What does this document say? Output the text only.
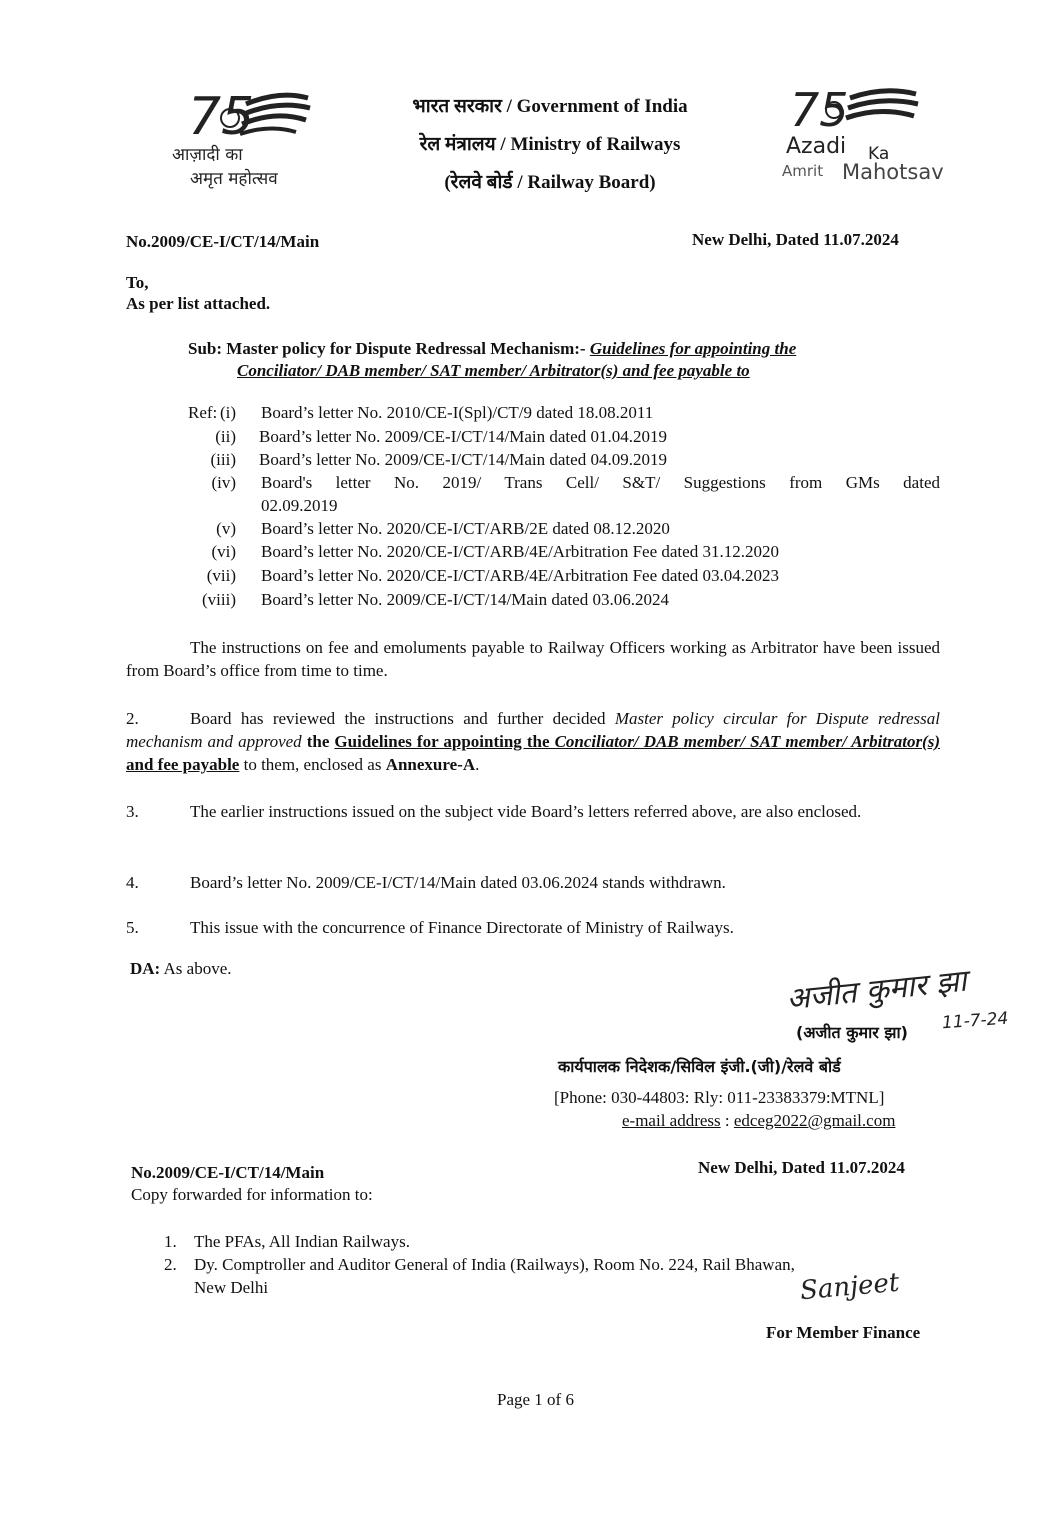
75
आज़ादी का
अमृत महोत्सव
भारत सरकार / Government of India
रेल मंत्रालय / Ministry of Railways
(रेलवे बोर्ड / Railway Board)
75
Azadi Ka
Amrit Mahotsav
No.2009/CE-I/CT/14/Main	New Delhi, Dated 11.07.2024
To,
As per list attached.
Sub: Master policy for Dispute Redressal Mechanism:- Guidelines for appointing the
Conciliator/ DAB member/ SAT member/ Arbitrator(s) and fee payable to
Ref: (i) Board’s letter No. 2010/CE-I(Spl)/CT/9 dated 18.08.2011
(ii) Board’s letter No. 2009/CE-I/CT/14/Main dated 01.04.2019
(iii) Board’s letter No. 2009/CE-I/CT/14/Main dated 04.09.2019
(iv) Board's letter No. 2019/ Trans Cell/ S&T/ Suggestions from GMs dated
02.09.2019
(v) Board’s letter No. 2020/CE-I/CT/ARB/2E dated 08.12.2020
(vi) Board’s letter No. 2020/CE-I/CT/ARB/4E/Arbitration Fee dated 31.12.2020
(vii) Board’s letter No. 2020/CE-I/CT/ARB/4E/Arbitration Fee dated 03.04.2023
(viii) Board’s letter No. 2009/CE-I/CT/14/Main dated 03.06.2024
The instructions on fee and emoluments payable to Railway Officers working as Arbitrator have been issued from Board’s office from time to time.
2.	Board has reviewed the instructions and further decided Master policy circular for Dispute redressal mechanism and approved the Guidelines for appointing the Conciliator/ DAB member/ SAT member/ Arbitrator(s) and fee payable to them, enclosed as Annexure-A.
3.	The earlier instructions issued on the subject vide Board’s letters referred above, are also enclosed.
4.	Board’s letter No. 2009/CE-I/CT/14/Main dated 03.06.2024 stands withdrawn.
5.	This issue with the concurrence of Finance Directorate of Ministry of Railways.
DA: As above.	अजीत कुमार झा
11-7-24
(अजीत कुमार झा)
कार्यपालक निदेशक/सिविल इंजी.(जी)/रेलवे बोर्ड
[Phone: 030-44803: Rly: 011-23383379:MTNL]
e-mail address : edceg2022@gmail.com
No.2009/CE-I/CT/14/Main	New Delhi, Dated 11.07.2024
Copy forwarded for information to:
1. The PFAs, All Indian Railways.
2. Dy. Comptroller and Auditor General of India (Railways), Room No. 224, Rail Bhawan,
New Delhi	Sanjeet
For Member Finance
Page 1 of 6
